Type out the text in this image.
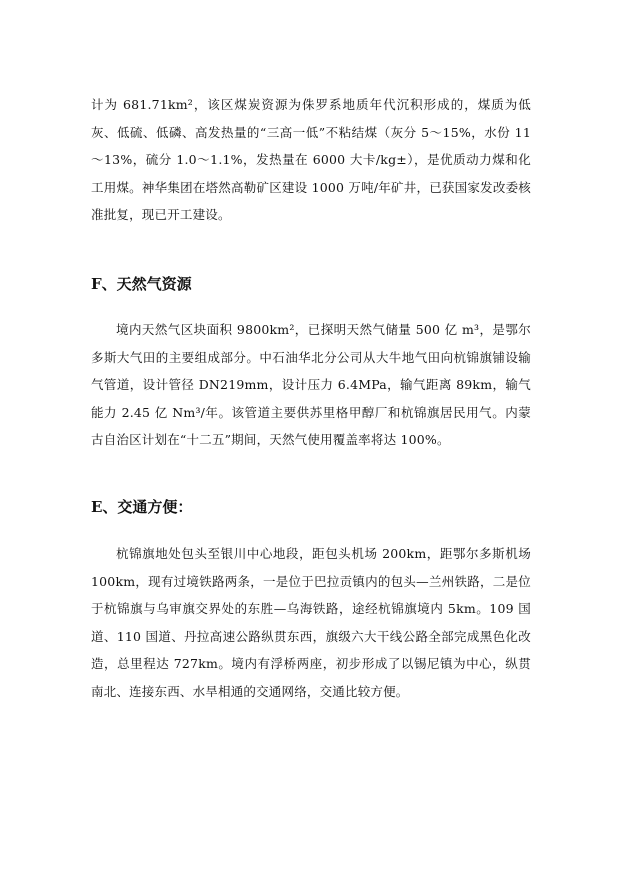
计为 681.71km²，该区煤炭资源为侏罗系地质年代沉积形成的，煤质为低灰、低硫、低磷、高发热量的“三高一低”不粘结煤（灰分 5～15%，水份 11～13%，硫分 1.0～1.1%，发热量在 6000 大卡/kg±），是优质动力煤和化工用煤。神华集团在塔然高勒矿区建设 1000 万吨/年矿井，已获国家发改委核准批复，现已开工建设。

F、天然气资源

境内天然气区块面积 9800km²，已探明天然气储量 500 亿 m³，是鄂尔多斯大气田的主要组成部分。中石油华北分公司从大牛地气田向杭锦旗铺设输气管道，设计管径 DN219mm，设计压力 6.4MPa，输气距离 89km，输气能力 2.45 亿 Nm³/年。该管道主要供苏里格甲醇厂和杭锦旗居民用气。内蒙古自治区计划在“十二五”期间，天然气使用覆盖率将达 100%。

E、交通方便：

杭锦旗地处包头至银川中心地段，距包头机场 200km，距鄂尔多斯机场 100km，现有过境铁路两条，一是位于巴拉贡镇内的包头—兰州铁路，二是位于杭锦旗与乌审旗交界处的东胜—乌海铁路，途经杭锦旗境内 5km。109 国道、110 国道、丹拉高速公路纵贯东西，旗级六大干线公路全部完成黑色化改造，总里程达 727km。境内有浮桥两座，初步形成了以锡尼镇为中心，纵贯南北、连接东西、水旱相通的交通网络，交通比较方便。
